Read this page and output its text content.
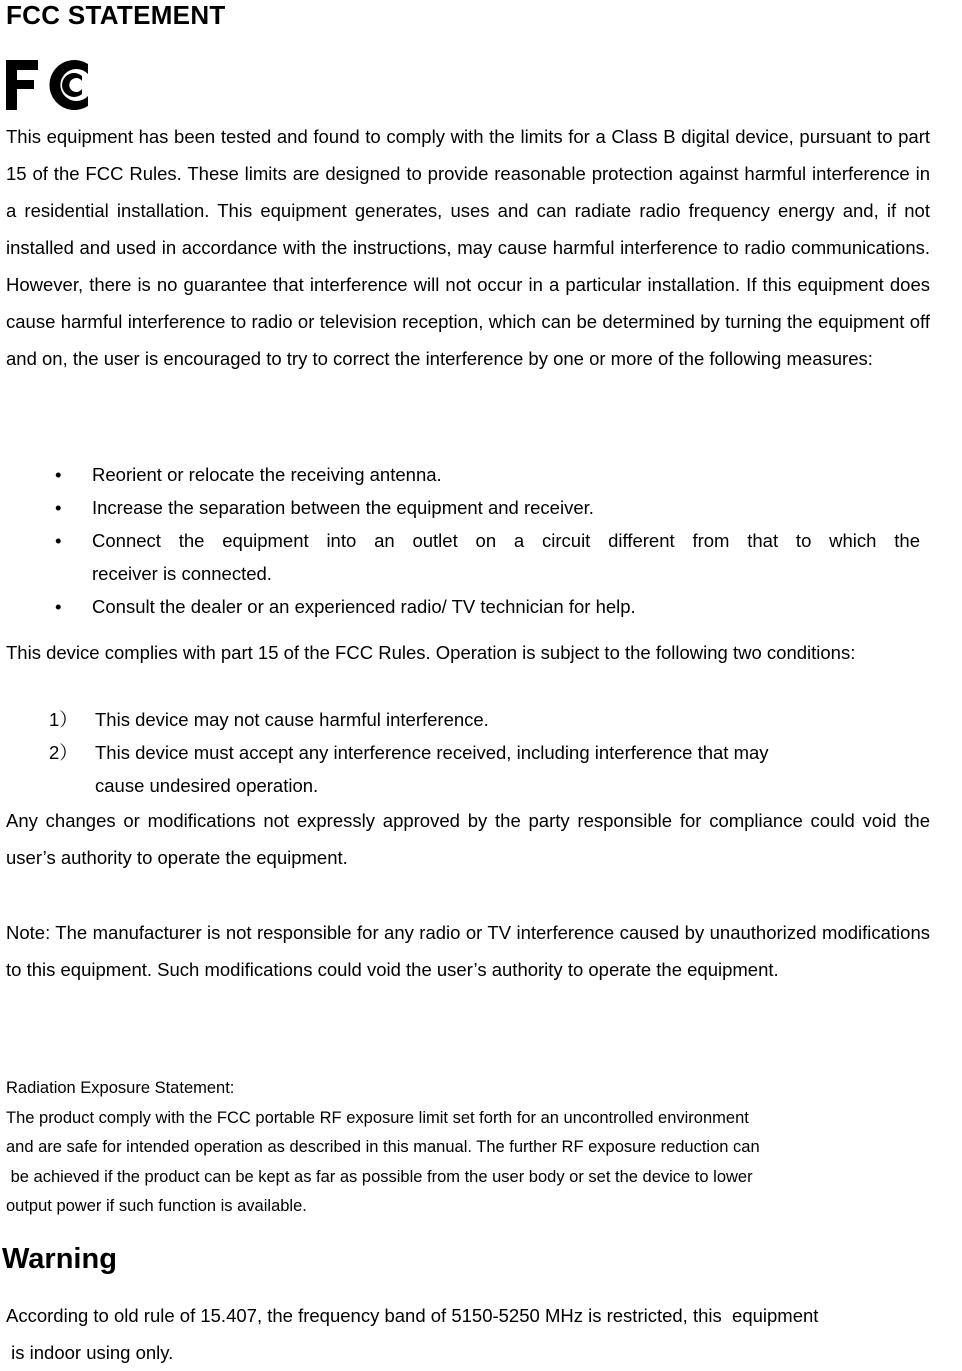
FCC STATEMENT

This equipment has been tested and found to comply with the limits for a Class B digital device, pursuant to part 15 of the FCC Rules. These limits are designed to provide reasonable protection against harmful interference in a residential installation. This equipment generates, uses and can radiate radio frequency energy and, if not installed and used in accordance with the instructions, may cause harmful interference to radio communications. However, there is no guarantee that interference will not occur in a particular installation. If this equipment does cause harmful interference to radio or television reception, which can be determined by turning the equipment off and on, the user is encouraged to try to correct the interference by one or more of the following measures:

• Reorient or relocate the receiving antenna.
• Increase the separation between the equipment and receiver.
• Connect the equipment into an outlet on a circuit different from that to which the
receiver is connected.
• Consult the dealer or an experienced radio/ TV technician for help.

This device complies with part 15 of the FCC Rules. Operation is subject to the following two conditions:

1） This device may not cause harmful interference.
2） This device must accept any interference received, including interference that may
cause undesired operation.

Any changes or modifications not expressly approved by the party responsible for compliance could void the user’s authority to operate the equipment.

Note: The manufacturer is not responsible for any radio or TV interference caused by unauthorized modifications to this equipment. Such modifications could void the user’s authority to operate the equipment.

Radiation Exposure Statement:
The product comply with the FCC portable RF exposure limit set forth for an uncontrolled environment
and are safe for intended operation as described in this manual. The further RF exposure reduction can
be achieved if the product can be kept as far as possible from the user body or set the device to lower
output power if such function is available.
Warning
According to old rule of 15.407, the frequency band of 5150-5250 MHz is restricted, this  equipment
is indoor using only.
